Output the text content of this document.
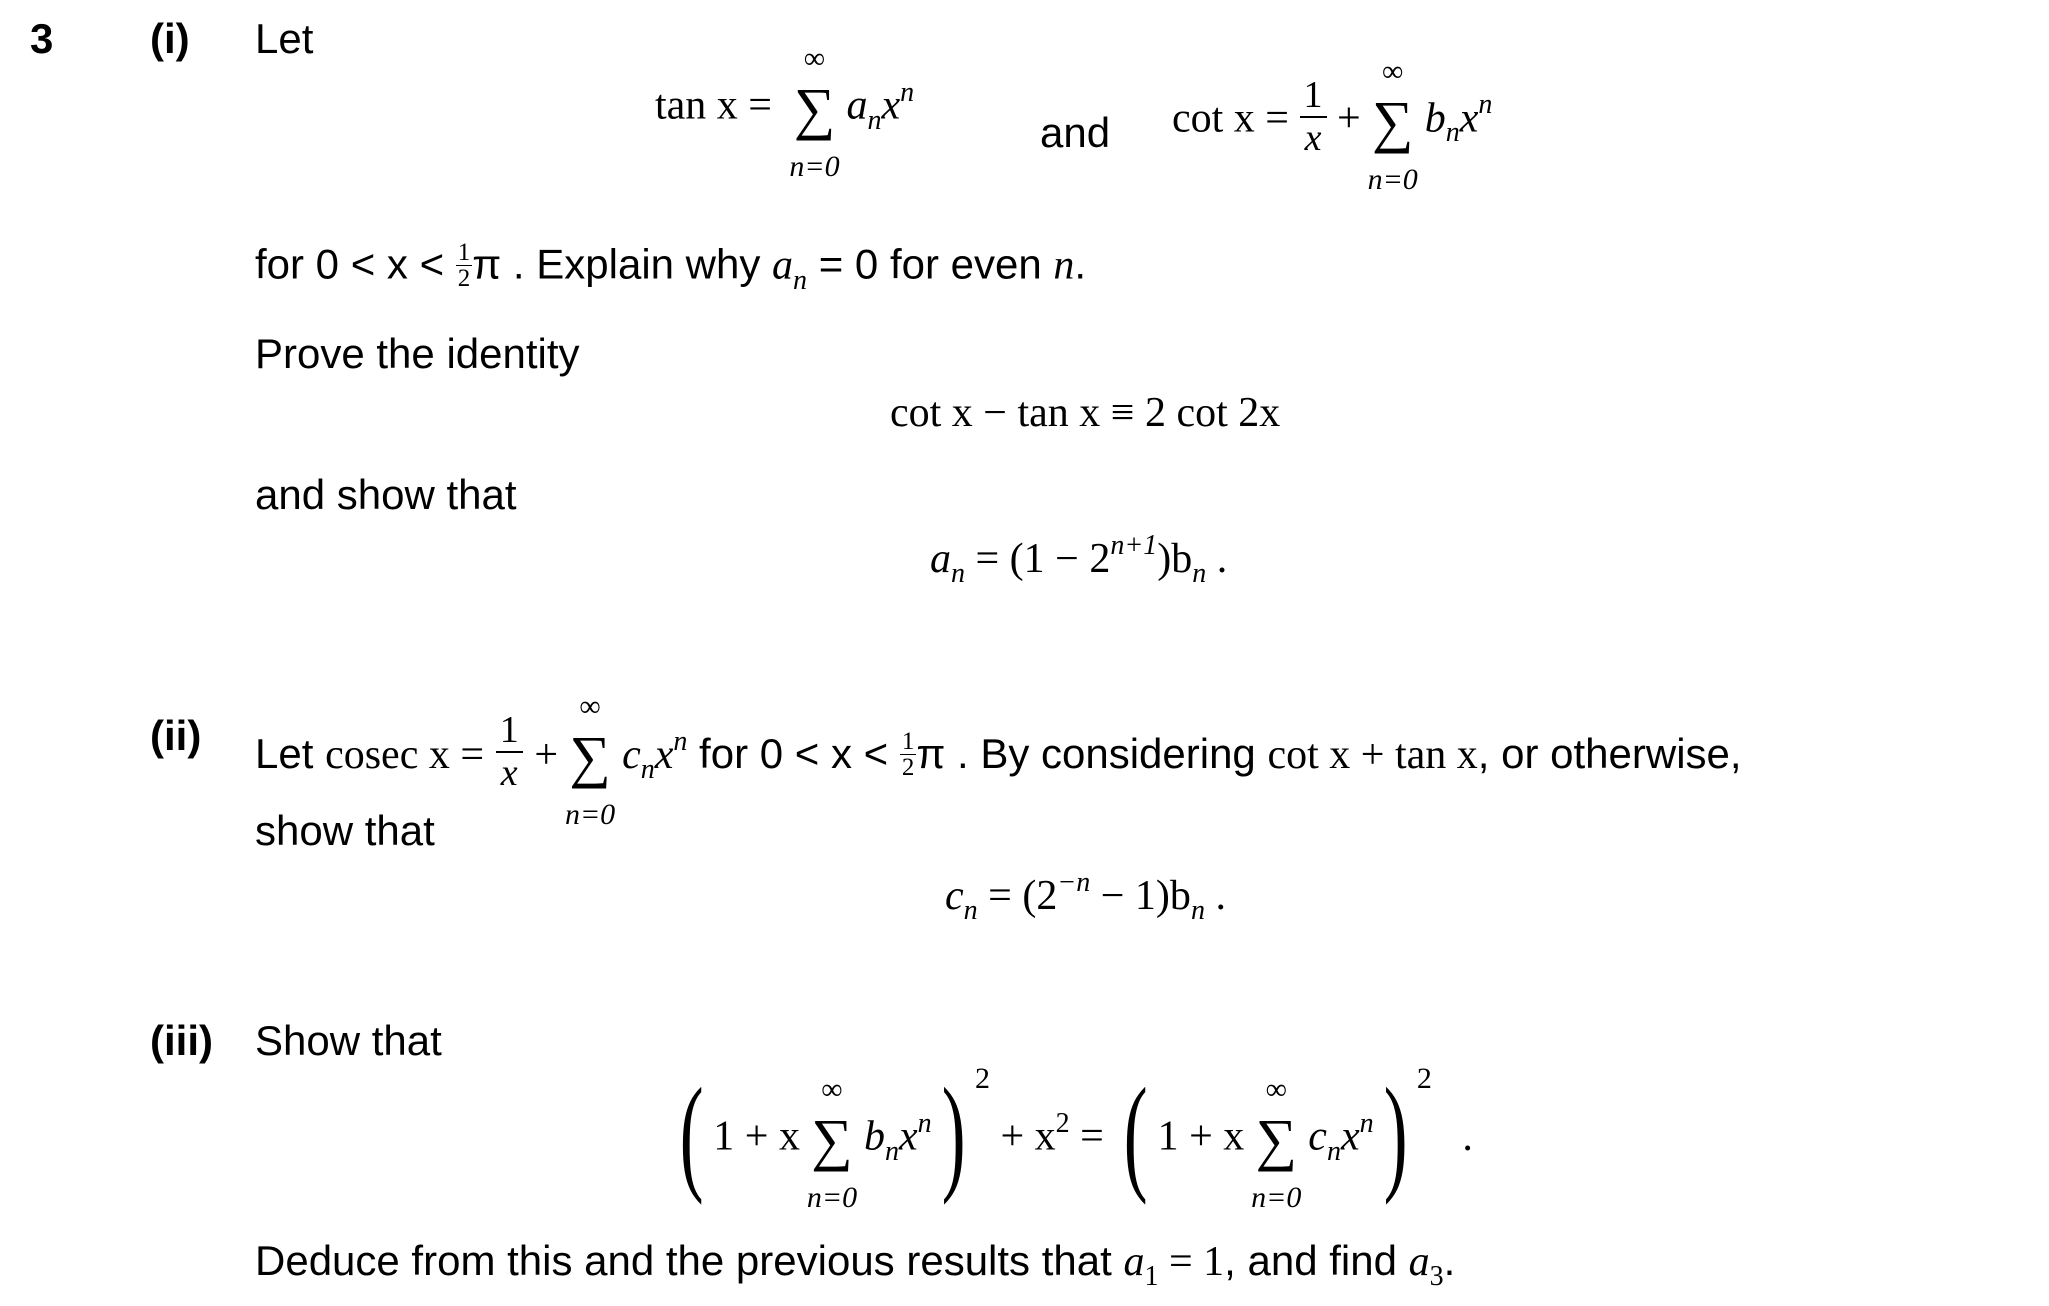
3 (i) Let
tan x =
∞
∑
n=0
$a_nx^n$
and $\cot x = \frac{1}{x}$ +
∞
∑
n=0
$b_nx^n$
for $0 < x < \frac{1}{2}$ π . Explain why $a_n = 0$ for even n.
Prove the identity
cot x − tan x ≡ 2 cot 2x
and show that
$a_n = (1 - 2^{n+1})b_n$ .
(ii) Let cosec $x = \frac{1}{x}$ +
∞
∑
n=0
$c_nx^n$ for $0 < x < \frac{1}{2}$ π . By considering cot x + tan x, or otherwise,
show that
$c_n = (2^{-n} - 1)b_n$ .
(iii) Show that
( 1 + x
∞
∑
n=0
$b_nx^n$) $^2 + x^2$ = ( 1 + x
∞
∑
n=0
$c_nx^n$) $^2$ .
Deduce from this and the previous results that $a_1 = 1$, and find $a_3$.
